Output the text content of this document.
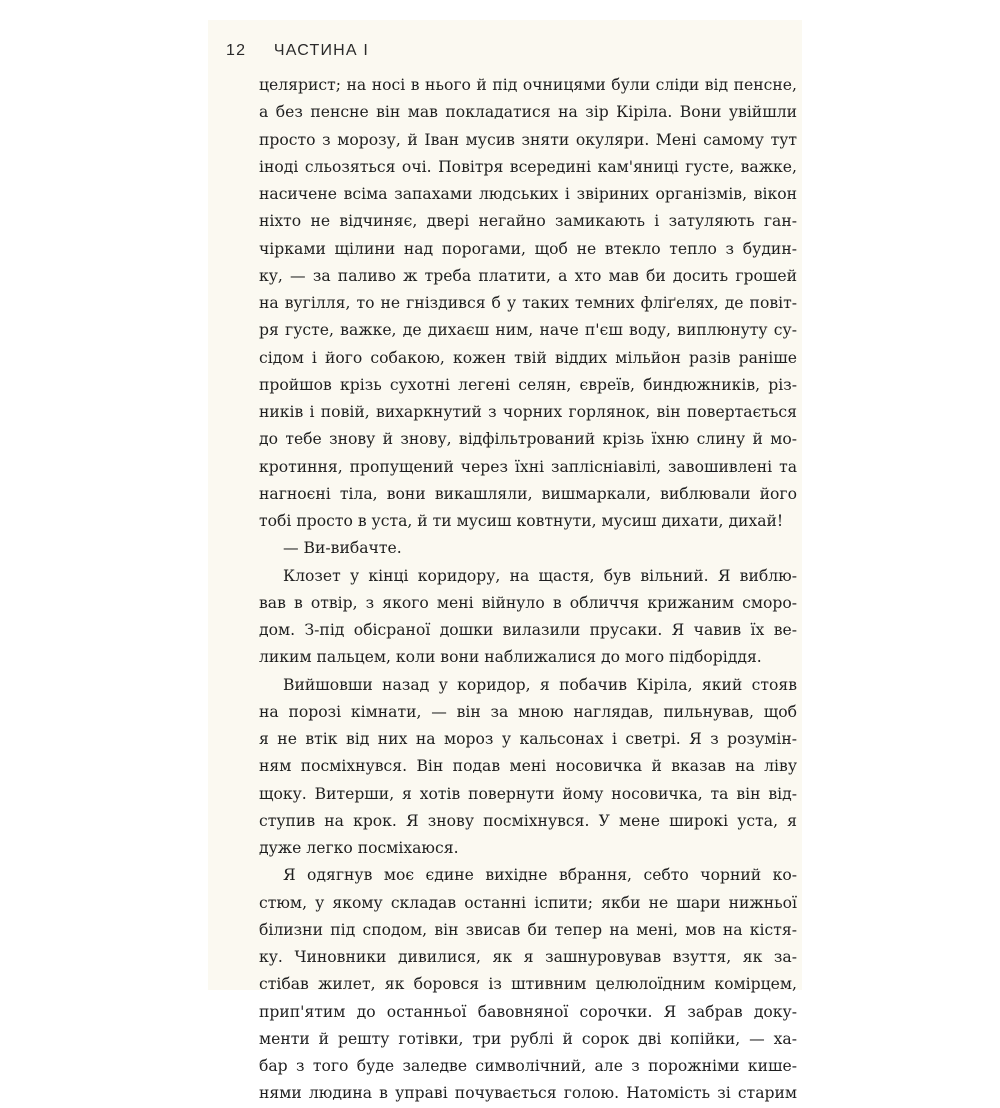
12 ЧАСТИНА І
целярист; на носі в нього й під очницями були сліди від пенсне,
а без пенсне він мав покладатися на зір Кіріла. Вони увійшли
просто з морозу, й Іван мусив зняти окуляри. Мені самому тут
іноді сльозяться очі. Повітря всередині кам'яниці густе, важке,
насичене всіма запахами людських і звіриних організмів, вікон
ніхто не відчиняє, двері негайно замикають і затуляють ган-
чірками щілини над порогами, щоб не втекло тепло з будин-
ку, — за паливо ж треба платити, а хто мав би досить грошей
на вугілля, то не гніздився б у таких темних фліґелях, де повіт-
ря густе, важке, де дихаєш ним, наче п'єш воду, виплюнуту су-
сідом і його собакою, кожен твій віддих мільйон разів раніше
пройшов крізь сухотні легені селян, євреїв, биндюжників, різ-
ників і повій, вихаркнутий з чорних горлянок, він повертається
до тебе знову й знову, відфільтрований крізь їхню слину й мо-
кротиння, пропущений через їхні заплісніавілі, завошивлені та
нагноєні тіла, вони викашляли, вишмаркали, виблювали його
тобі просто в уста, й ти мусиш ковтнути, мусиш дихати, дихай!
— Ви-вибачте.
Клозет у кінці коридору, на щастя, був вільний. Я виблю-
вав в отвір, з якого мені війнуло в обличчя крижаним сморо-
дом. З-під обісраної дошки вилазили прусаки. Я чавив їх ве-
ликим пальцем, коли вони наближалися до мого підборіддя.
Вийшовши назад у коридор, я побачив Кіріла, який стояв
на порозі кімнати, — він за мною наглядав, пильнував, щоб
я не втік від них на мороз у кальсонах і светрі. Я з розумін-
ням посміхнувся. Він подав мені носовичка й вказав на ліву
щоку. Витерши, я хотів повернути йому носовичка, та він від-
ступив на крок. Я знову посміхнувся. У мене широкі уста, я
дуже легко посміхаюся.
Я одягнув моє єдине вихідне вбрання, себто чорний ко-
стюм, у якому складав останні іспити; якби не шари нижньої
білизни під сподом, він звисав би тепер на мені, мов на кістя-
ку. Чиновники дивилися, як я зашнуровував взуття, як за-
стібав жилет, як боровся із штивним целюлоїдним комірцем,
прип'ятим до останньої бавовняної сорочки. Я забрав доку-
менти й решту готівки, три рублі й сорок дві копійки, — ха-
бар з того буде заледве символічний, але з порожніми кише-
нями людина в управі почувається голою. Натомість зі старим
